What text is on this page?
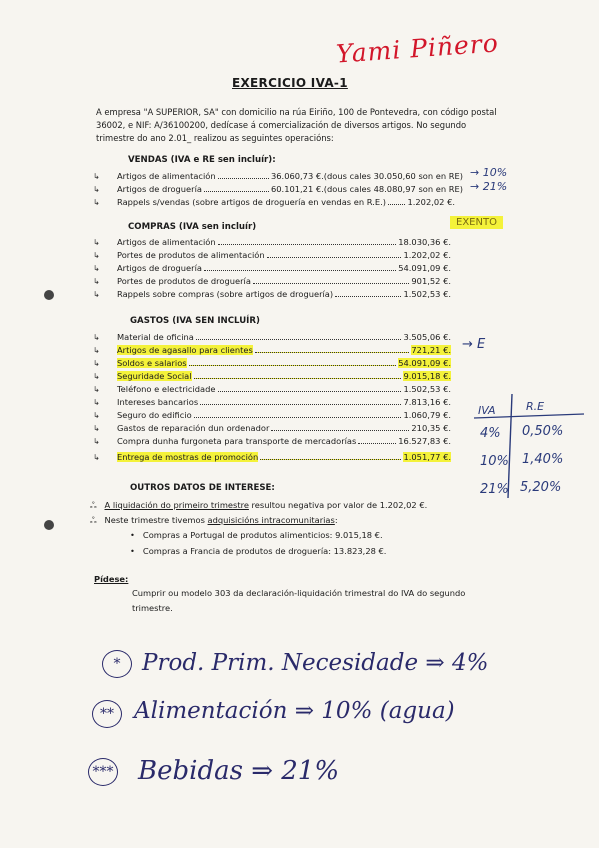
Yami Piñero
EXERCICIO IVA-1
A empresa "A SUPERIOR, SA" con domicilio na rúa Eiriño, 100 de Pontevedra, con código postal 36002, e NIF: A/36100200, dedícase á comercialización de diversos artigos. No segundo trimestre do ano 2.01_ realizou as seguintes operacións:
VENDAS (IVA e RE sen incluír):
↳	Artigos de alimentación	36.060,73 €.(dous cales 30.050,60 son en RE)
↳	Artigos de droguería	60.101,21 €.(dous cales 48.080,97 son en RE)
↳	Rappels s/vendas (sobre artigos de droguería en vendas en R.E.)	1.202,02 €.
→ 10%
→ 21%
COMPRAS (IVA sen incluír)	EXENTO
↳	Artigos de alimentación	18.030,36 €.
↳	Portes de produtos de alimentación	1.202,02 €.
↳	Artigos de droguería	54.091,09 €.
↳	Portes de produtos de droguería	901,52 €.
↳	Rappels sobre compras (sobre artigos de droguería)	1.502,53 €.
GASTOS (IVA SEN INCLUÍR)
↳	Material de oficina	3.505,06 €.
↳	Artigos de agasallo para clientes	721,21 €.
↳	Soldos e salarios	54.091,09 €.
↳	Seguridade Social	9.015,18 €.
↳	Teléfono e electricidade	1.502,53 €.
↳	Intereses bancarios	7.813,16 €.
↳	Seguro do edificio	1.060,79 €.
↳	Gastos de reparación dun ordenador	210,35 €.
↳	Compra dunha furgoneta para transporte de mercadorías	16.527,83 €.
↳	Entrega de mostras de promoción	1.051,77 €.
→ E
IVA	R.E
4% 0,50%
10% 1,40%
21% 5,20%
OUTROS DATOS DE INTERESE:
ஃ A liquidación do primeiro trimestre resultou negativa por valor de 1.202,02 €.
ஃ Neste trimestre tivemos adquisicións intracomunitarias:
• Compras a Portugal de produtos alimenticios: 9.015,18 €.
• Compras a Francia de produtos de droguería: 13.823,28 €.
Pídese:
Cumprir ou modelo 303 da declaración-liquidación trimestral do IVA do segundo trimestre.
* Prod. Prim. Necesidade ⇒ 4%
** Alimentación ⇒ 10% (agua)
*** Bebidas ⇒ 21%
